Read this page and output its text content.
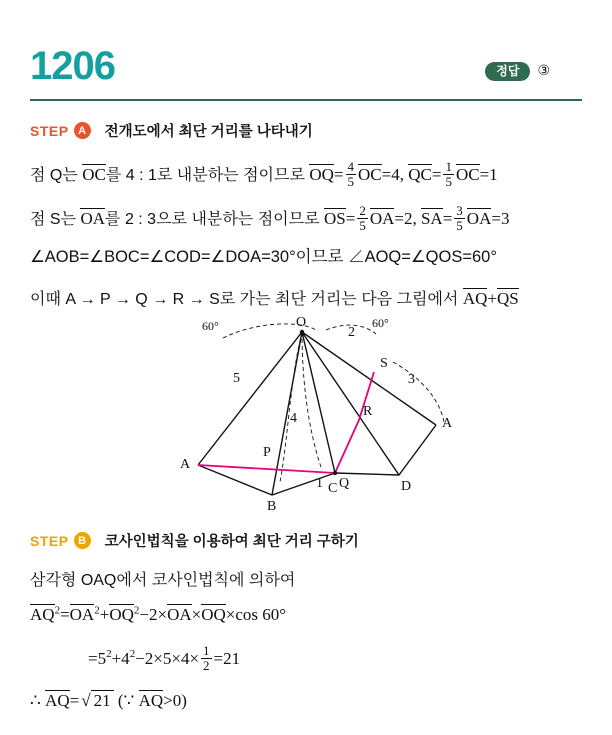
1206	정답	③
STEP A	전개도에서 최단 거리를 나타내기
점 Q는 OC를 4 : 1로 내분하는 점이므로 $OQ= \frac{4}{5} OC=4$, $QC= \frac{1}{5} OC=1$
점 S는 OA를 2 : 3으로 내분하는 점이므로 $OS= \frac{2}{5} OA=2$, $SA= \frac{3}{5} OA=3$
∠AOB=∠BOC=∠COD=∠DOA=30°이므로 ∠AOQ=∠QOS=60°
이때 A → P → Q → R → S로 가는 최단 거리는 다음 그림에서 AQ+QS
O
S
R
A
A
P
Q
B
C	D
2
3
5
4
1
60°	60°
STEP B	코사인법칙을 이용하여 최단 거리 구하기
삼각형 OAQ에서 코사인법칙에 의하여
$AQ^2=OA^2+OQ^2-2\times OA\times OQ\times\cos$ 60°
$=5^2+4^2-2\times 5\times 4\times \frac{1}{2} =21$
∴ AQ= √ 21 (∵ AQ>0)
